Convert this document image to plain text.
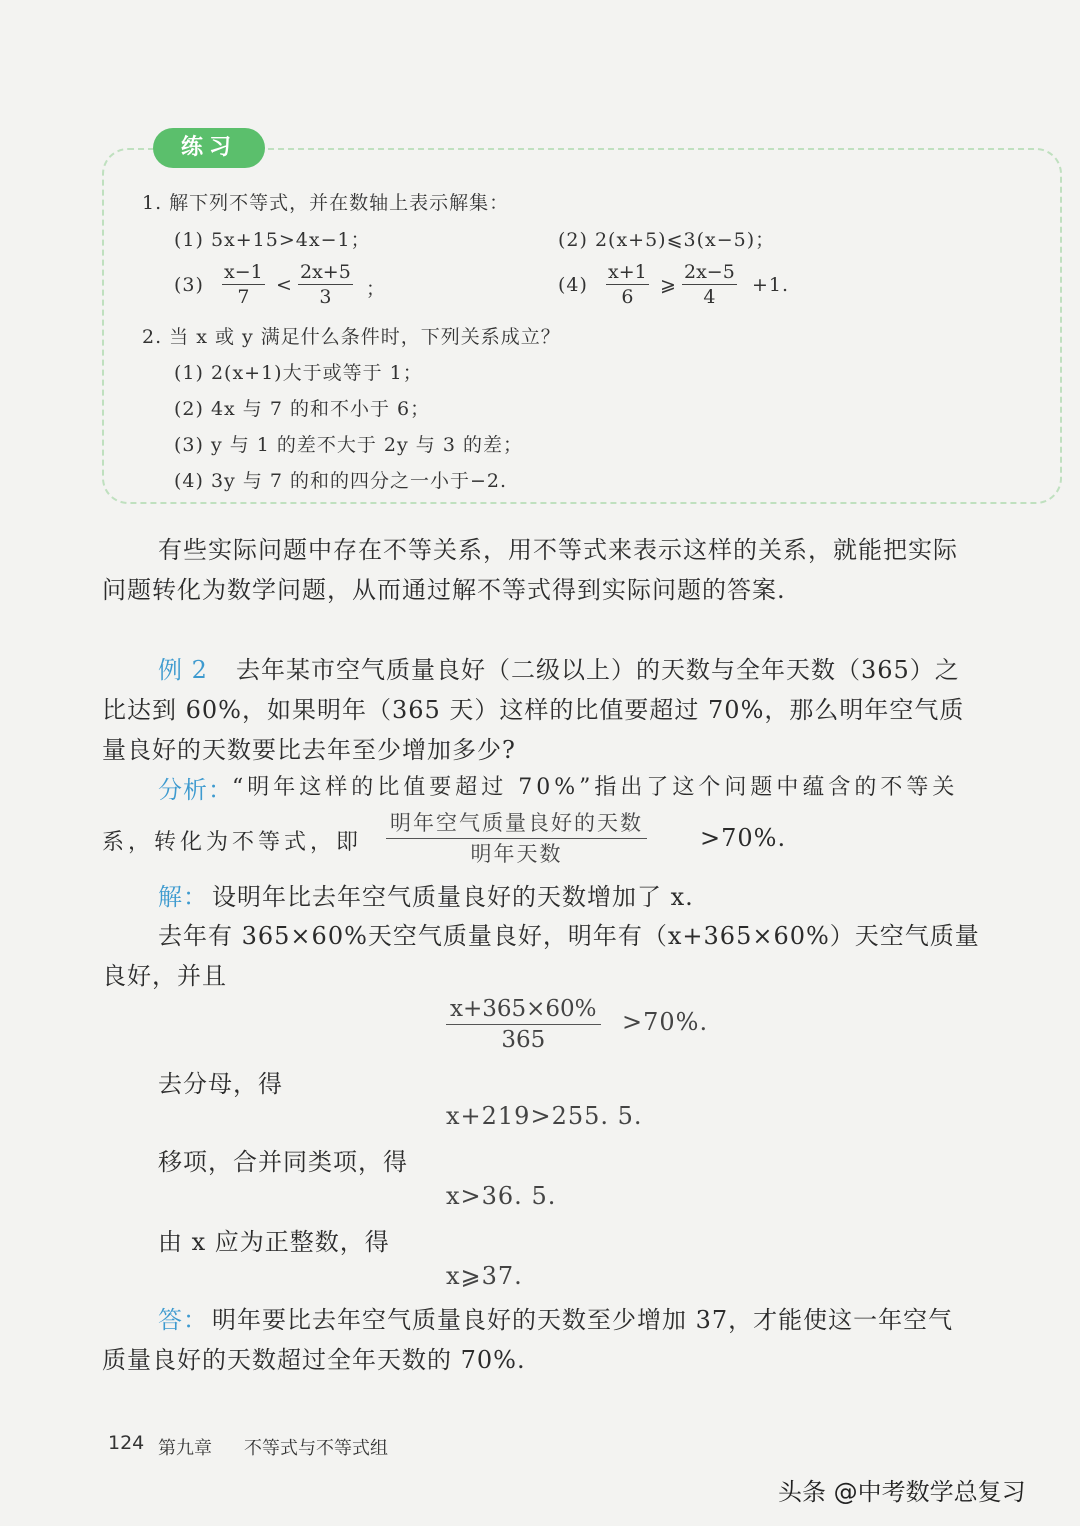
练习
1. 解下列不等式，并在数轴上表示解集：
(1) 5x+15>4x−1；	(2) 2(x+5)⩽3(x−5)；
$(3) \frac{x-1}{7} < \frac{2x+5}{3}$ ；	$(4) \frac{x+1}{6}$ ⩾ $\frac{2x-5}{4} +1$.
2. 当 x 或 y 满足什么条件时，下列关系成立？
(1) 2(x+1)大于或等于 1；
(2) 4x 与 7 的和不小于 6；
(3) y 与 1 的差不大于 2y 与 3 的差；
(4) 3y 与 7 的和的四分之一小于−2.
有些实际问题中存在不等关系，用不等式来表示这样的关系，就能把实际
问题转化为数学问题，从而通过解不等式得到实际问题的答案.
例 2 去年某市空气质量良好（二级以上）的天数与全年天数（365）之
比达到 60%，如果明年（365 天）这样的比值要超过 70%，那么明年空气质
量良好的天数要比去年至少增加多少?
分析： “明年这样的比值要超过 70%”指出了这个问题中蕴含的不等关
系，转化为不等式，即
明年空气质量良好的天数
明年天数
>70%.
解： 设明年比去年空气质量良好的天数增加了 x.
去年有 365×60%天空气质量良好，明年有（x+365×60%）天空气质量
良好，并且
$\frac{x+365\times 60\%}{365} >70\%$.
去分母，得
x+219>255. 5.
移项，合并同类项，得
x>36. 5.
由 x 应为正整数，得
x⩾37.
答： 明年要比去年空气质量良好的天数至少增加 37，才能使这一年空气
质量良好的天数超过全年天数的 70%.
124 第九章 不等式与不等式组
头条 @中考数学总复习
